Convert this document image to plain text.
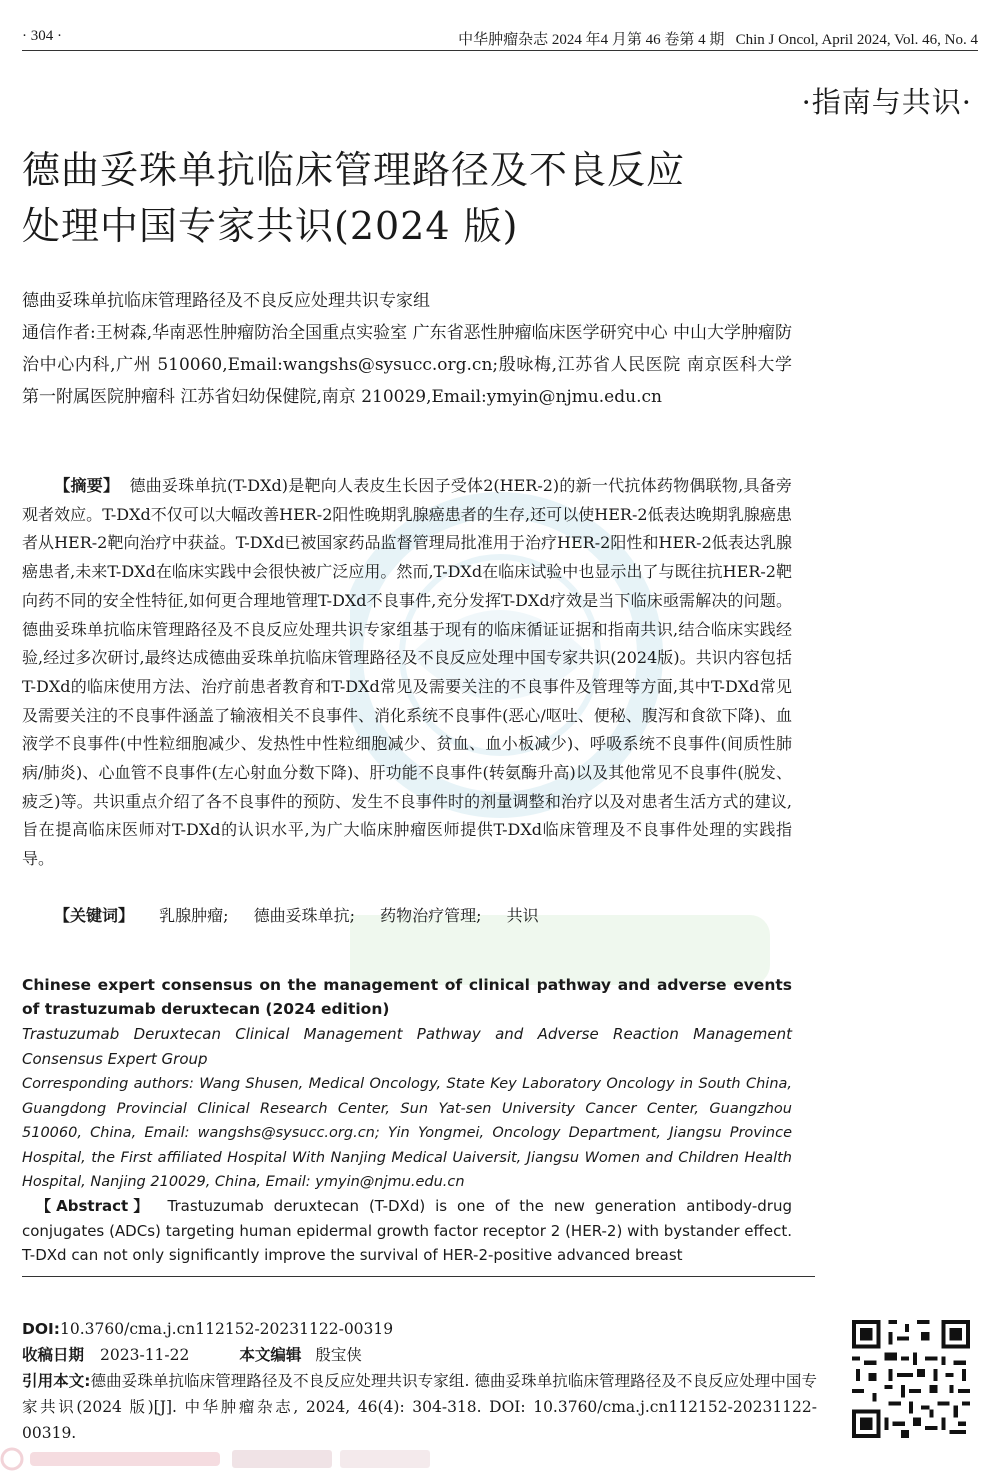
· 304 ·	中华肿瘤杂志 2024 年4 月第 46 卷第 4 期   Chin J Oncol, April 2024, Vol. 46, No. 4
·指南与共识·
德曲妥珠单抗临床管理路径及不良反应
处理中国专家共识(2024 版)
德曲妥珠单抗临床管理路径及不良反应处理共识专家组
通信作者:王树森,华南恶性肿瘤防治全国重点实验室 广东省恶性肿瘤临床医学研究中心 中山大学肿瘤防治中心内科,广州 510060,Email:wangshs@sysucc.org.cn;殷咏梅,江苏省人民医院 南京医科大学第一附属医院肿瘤科 江苏省妇幼保健院,南京 210029,Email:ymyin@njmu.edu.cn
【摘要】 德曲妥珠单抗(T-DXd)是靶向人表皮生长因子受体2(HER-2)的新一代抗体药物偶联物,具备旁观者效应。T-DXd不仅可以大幅改善HER-2阳性晚期乳腺癌患者的生存,还可以使HER-2低表达晚期乳腺癌患者从HER-2靶向治疗中获益。T-DXd已被国家药品监督管理局批准用于治疗HER-2阳性和HER-2低表达乳腺癌患者,未来T-DXd在临床实践中会很快被广泛应用。然而,T-DXd在临床试验中也显示出了与既往抗HER-2靶向药不同的安全性特征,如何更合理地管理T-DXd不良事件,充分发挥T-DXd疗效是当下临床亟需解决的问题。德曲妥珠单抗临床管理路径及不良反应处理共识专家组基于现有的临床循证证据和指南共识,结合临床实践经验,经过多次研讨,最终达成德曲妥珠单抗临床管理路径及不良反应处理中国专家共识(2024版)。共识内容包括T-DXd的临床使用方法、治疗前患者教育和T-DXd常见及需要关注的不良事件及管理等方面,其中T-DXd常见及需要关注的不良事件涵盖了输液相关不良事件、消化系统不良事件(恶心/呕吐、便秘、腹泻和食欲下降)、血液学不良事件(中性粒细胞减少、发热性中性粒细胞减少、贫血、血小板减少)、呼吸系统不良事件(间质性肺病/肺炎)、心血管不良事件(左心射血分数下降)、肝功能不良事件(转氨酶升高)以及其他常见不良事件(脱发、疲乏)等。共识重点介绍了各不良事件的预防、发生不良事件时的剂量调整和治疗以及对患者生活方式的建议,旨在提高临床医师对T-DXd的认识水平,为广大临床肿瘤医师提供T-DXd临床管理及不良事件处理的实践指导。
【关键词】 乳腺肿瘤; 德曲妥珠单抗; 药物治疗管理; 共识
Chinese expert consensus on the management of clinical pathway and adverse events of trastuzumab deruxtecan (2024 edition)
Trastuzumab Deruxtecan Clinical Management Pathway and Adverse Reaction Management Consensus Expert Group
Corresponding authors: Wang Shusen, Medical Oncology, State Key Laboratory Oncology in South China, Guangdong Provincial Clinical Research Center, Sun Yat-sen University Cancer Center, Guangzhou 510060, China, Email: wangshs@sysucc.org.cn; Yin Yongmei, Oncology Department, Jiangsu Province Hospital, the First affiliated Hospital With Nanjing Medical Uaiversit, Jiangsu Women and Children Health Hospital, Nanjing 210029, China, Email: ymyin@njmu.edu.cn
【Abstract】 Trastuzumab deruxtecan (T-DXd) is one of the new generation antibody-drug conjugates (ADCs) targeting human epidermal growth factor receptor 2 (HER-2) with bystander effect. T-DXd can not only significantly improve the survival of HER-2-positive advanced breast
DOI:10.3760/cma.j.cn112152-20231122-00319
收稿日期 2023-11-22	本文编辑 殷宝侠
引用本文:德曲妥珠单抗临床管理路径及不良反应处理共识专家组. 德曲妥珠单抗临床管理路径及不良反应处理中国专家共识(2024 版)[J]. 中华肿瘤杂志, 2024, 46(4): 304-318. DOI: 10.3760/cma.j.cn112152-20231122-00319.
